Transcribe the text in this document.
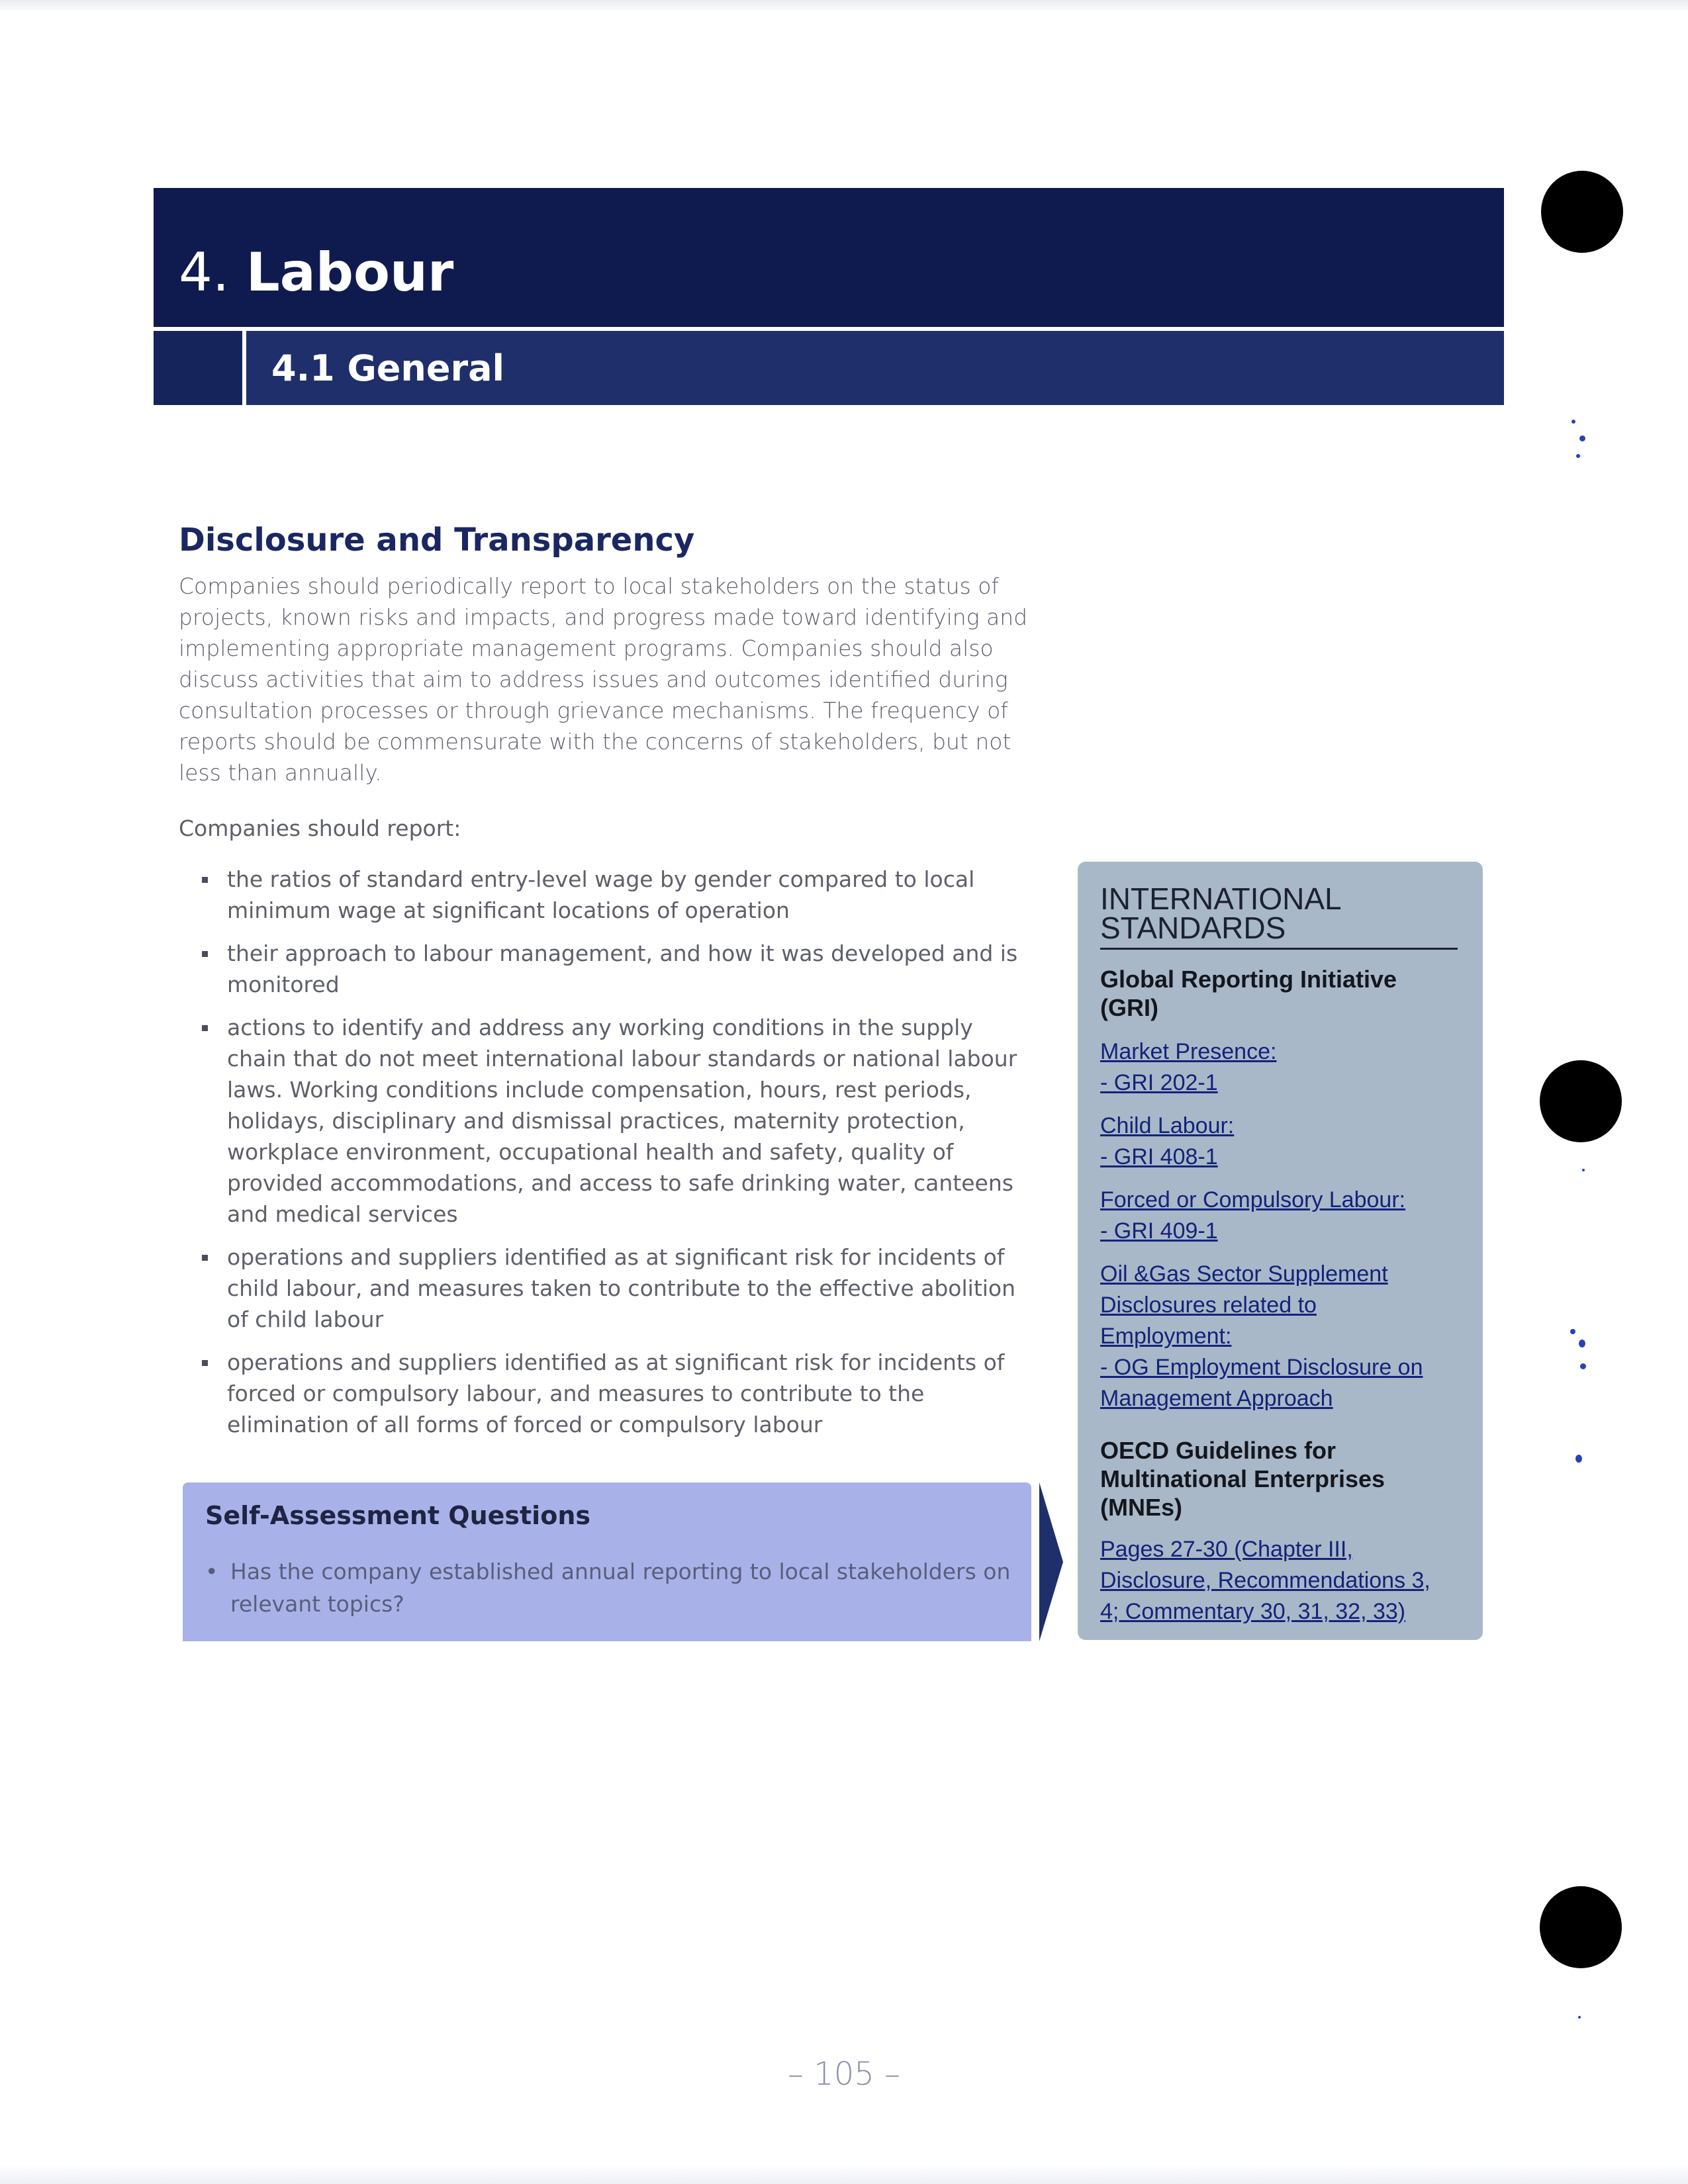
4. Labour
4.1 General
Disclosure and Transparency

Companies should periodically report to local stakeholders on the status of projects, known risks and impacts, and progress made toward identifying and implementing appropriate management programs. Companies should also discuss activities that aim to address issues and outcomes identified during consultation processes or through grievance mechanisms. The frequency of reports should be commensurate with the concerns of stakeholders, but not less than annually.

Companies should report:

the ratios of standard entry-level wage by gender compared to local minimum wage at significant locations of operation
their approach to labour management, and how it was developed and is monitored
actions to identify and address any working conditions in the supply chain that do not meet international labour standards or national labour laws. Working conditions include compensation, hours, rest periods, holidays, disciplinary and dismissal practices, maternity protection, workplace environment, occupational health and safety, quality of provided accommodations, and access to safe drinking water, canteens and medical services
operations and suppliers identified as at significant risk for incidents of child labour, and measures taken to contribute to the effective abolition of child labour
operations and suppliers identified as at significant risk for incidents of forced or compulsory labour, and measures to contribute to the elimination of all forms of forced or compulsory labour
Self-Assessment Questions
• Has the company established annual reporting to local stakeholders on relevant topics?
INTERNATIONAL
STANDARDS
Global Reporting Initiative (GRI)
Market Presence:
- GRI 202-1
Child Labour:
- GRI 408-1
Forced or Compulsory Labour:
- GRI 409-1
Oil &Gas Sector Supplement
Disclosures related to
Employment:
- OG Employment Disclosure on
Management Approach
OECD Guidelines for Multinational Enterprises (MNEs)
Pages 27-30 (Chapter III,
Disclosure, Recommendations 3,
4; Commentary 30, 31, 32, 33)
– 105 –
